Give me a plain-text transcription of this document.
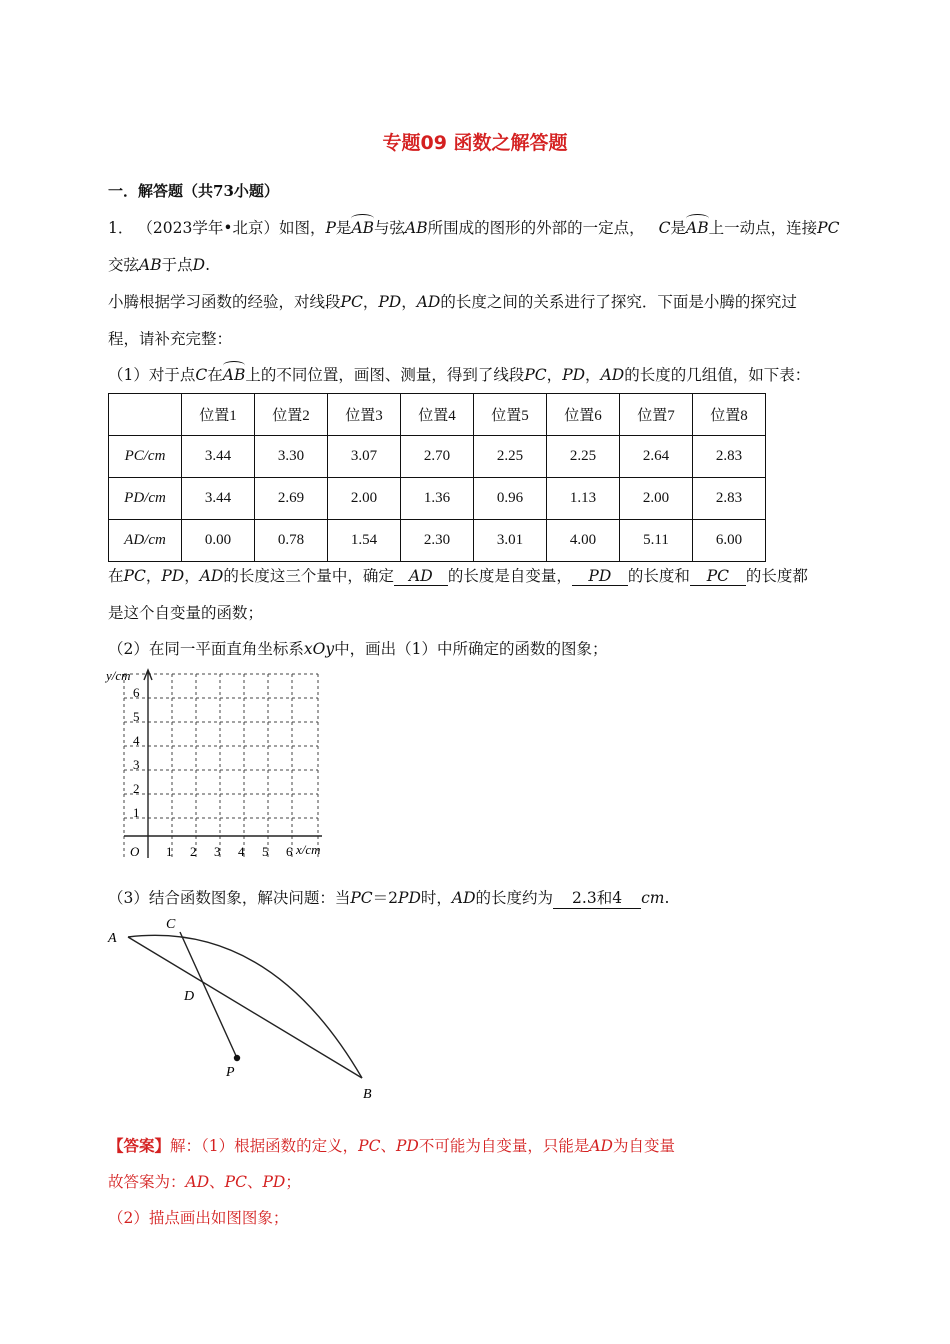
专题09 函数之解答题
一．解答题（共73小题）
1． （2023学年•北京）如图，P是AB与弦AB所围成的图形的外部的一定点， C是AB上一动点，连接PC
交弦AB于点D.
小腾根据学习函数的经验，对线段PC，PD，AD的长度之间的关系进行了探究．下面是小腾的探究过
程，请补充完整：
（1）对于点C在AB上的不同位置，画图、测量，得到了线段PC，PD，AD的长度的几组值，如下表：
	位置1	位置2	位置3	位置4	位置5	位置6	位置7	位置8
PC/cm	3.44	3.30	3.07	2.70	2.25	2.25	2.64	2.83
PD/cm	3.44	2.69	2.00	1.36	0.96	1.13	2.00	2.83
AD/cm	0.00	0.78	1.54	2.30	3.01	4.00	5.11	6.00
在PC，PD，AD的长度这三个量中，确定 AD 的长度是自变量， PD 的长度和 PC 的长度都
是这个自变量的函数；
（2）在同一平面直角坐标系xOy中，画出（1）中所确定的函数的图象；
y/cm
x/cm
O 1 2 3 4 5 6
1
2
3
4
5
6
（3）结合函数图象，解决问题：当PC＝2PD时，AD的长度约为 2.3和4 cm.
A
C
D
P
B
【答案】解：（1）根据函数的定义，PC、PD不可能为自变量，只能是AD为自变量
故答案为：AD、PC、PD；
（2）描点画出如图图象；
